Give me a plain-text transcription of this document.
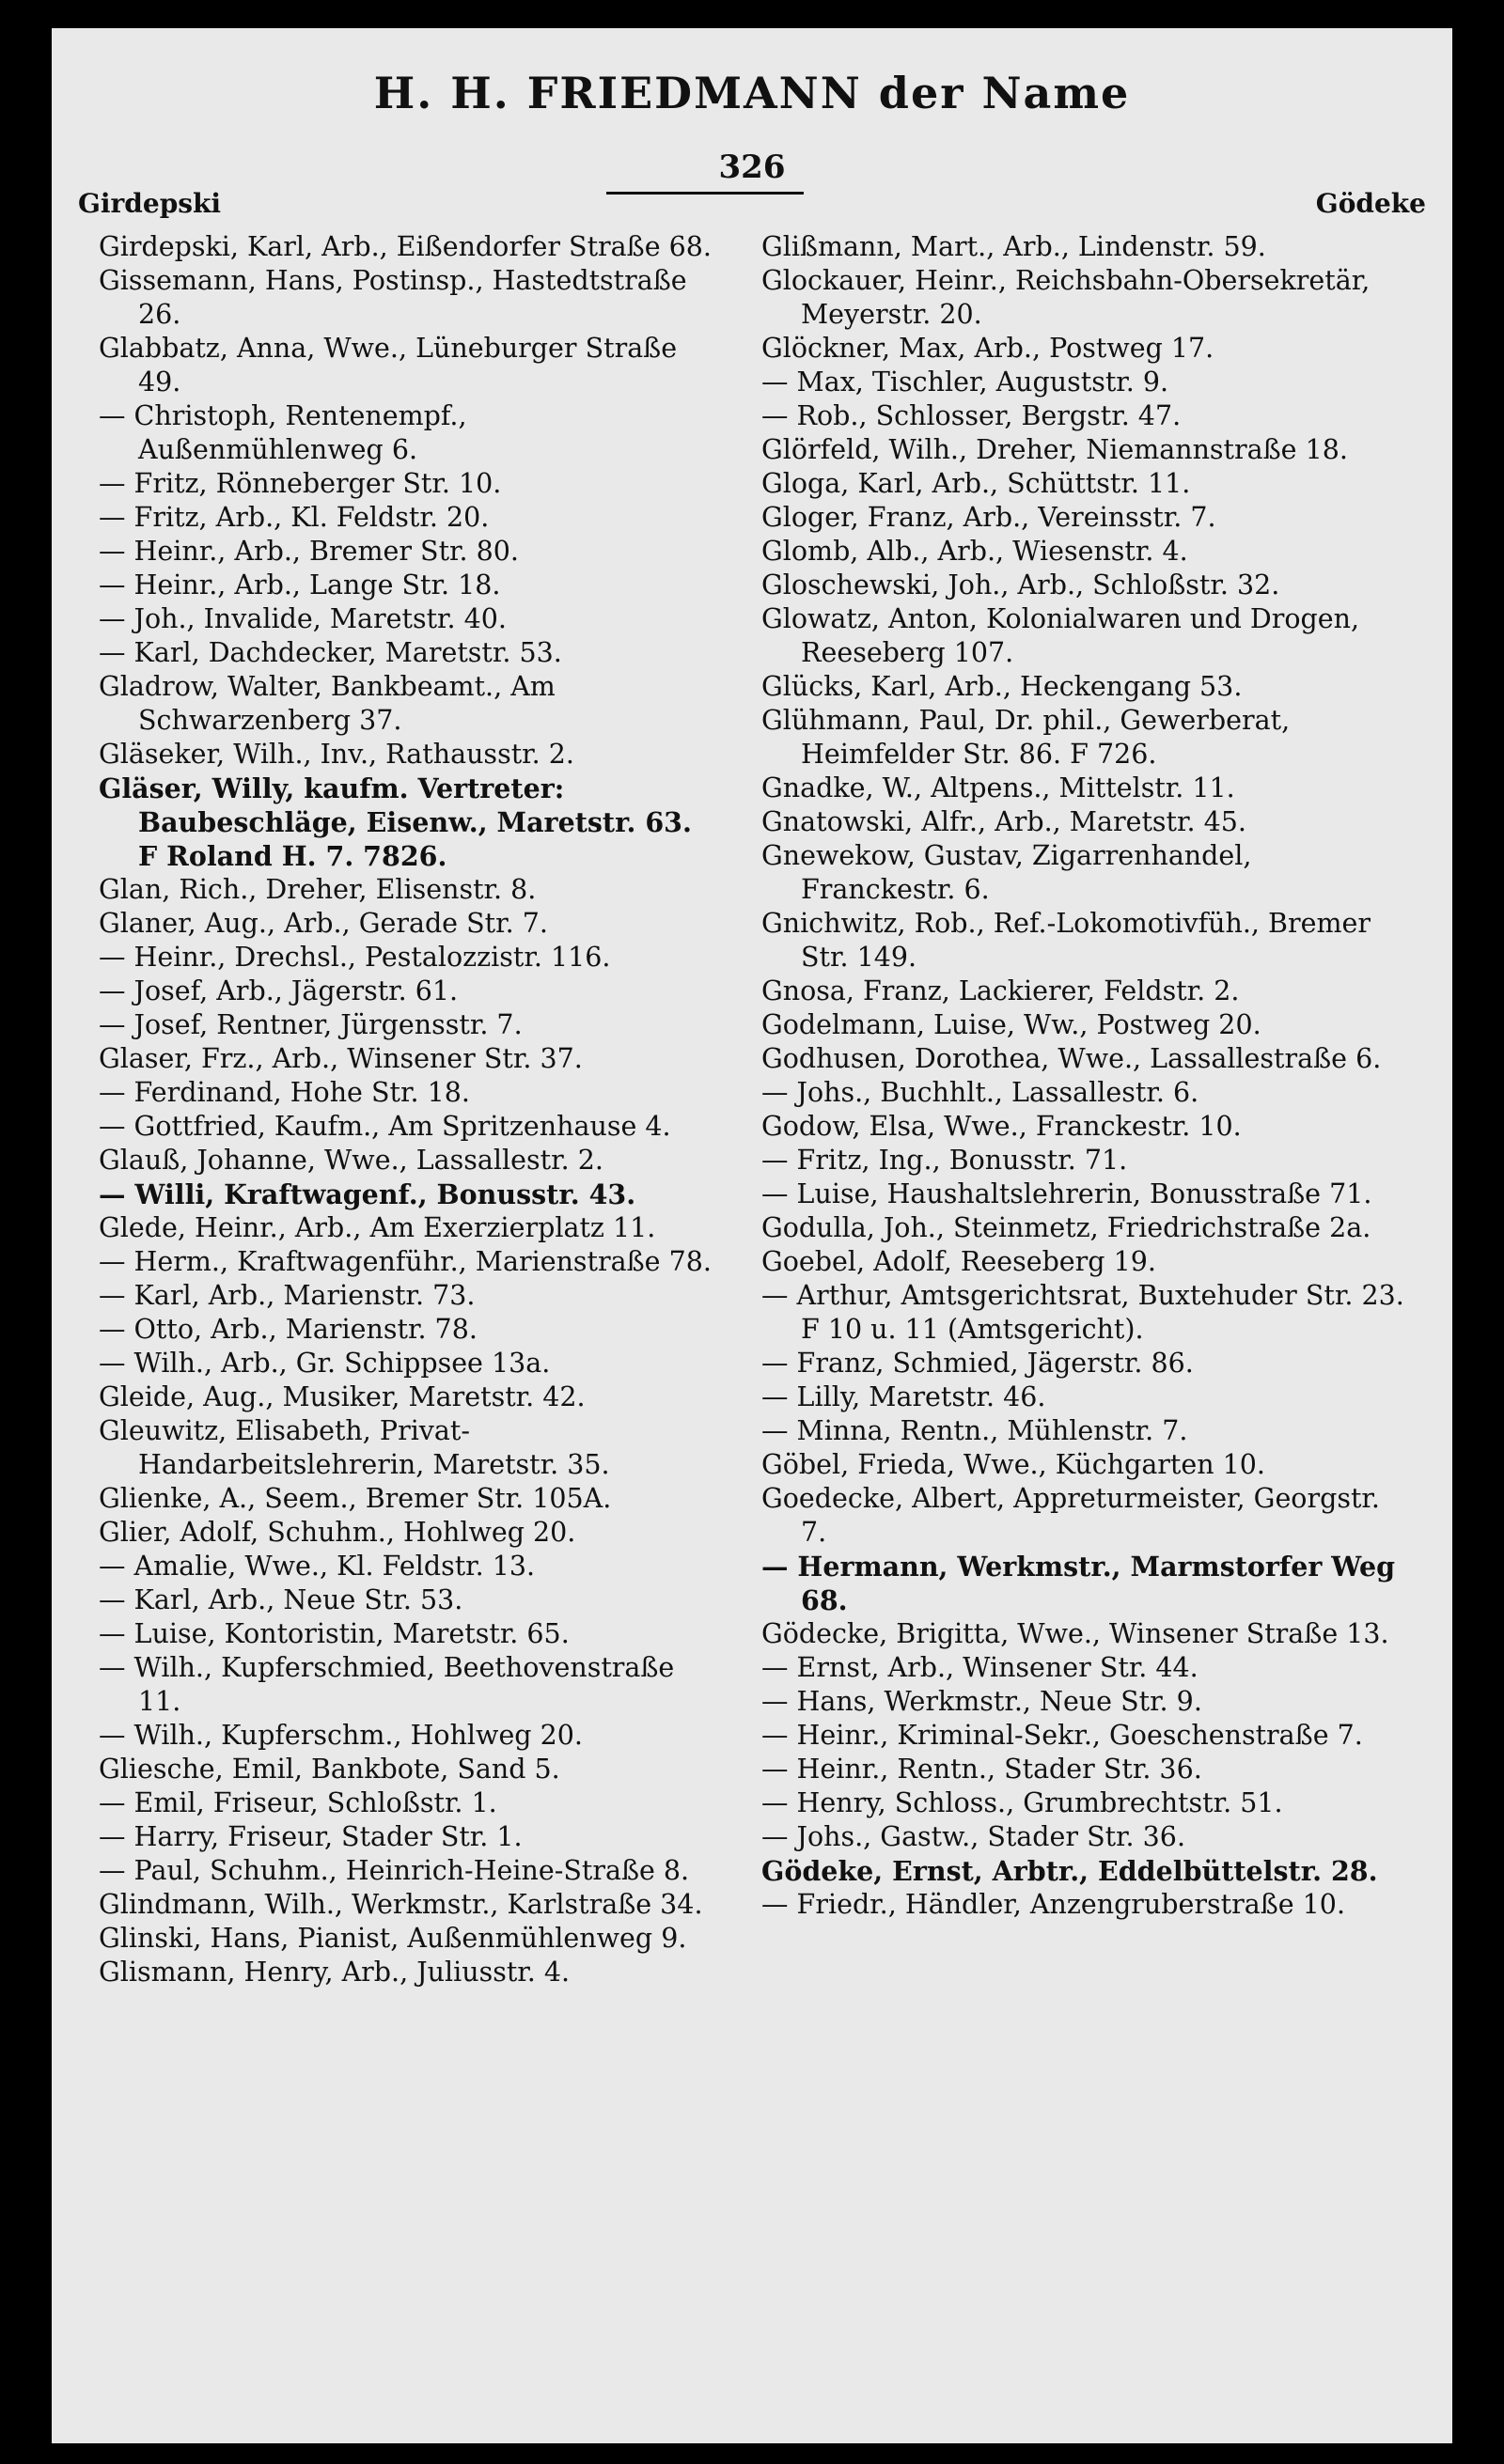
H. H. FRIEDMANN der Name
Girdepski
326
Gödeke
Girdepski, Karl, Arb., Eißendorfer Straße 68.
Gissemann, Hans, Postinsp., Hastedtstraße 26.
Glabbatz, Anna, Wwe., Lüneburger Straße 49.
— Christoph, Rentenempf., Außenmühlenweg 6.
— Fritz, Rönneberger Str. 10.
— Fritz, Arb., Kl. Feldstr. 20.
— Heinr., Arb., Bremer Str. 80.
— Heinr., Arb., Lange Str. 18.
— Joh., Invalide, Maretstr. 40.
— Karl, Dachdecker, Maretstr. 53.
Gladrow, Walter, Bankbeamt., Am Schwarzenberg 37.
Gläseker, Wilh., Inv., Rathausstr. 2.
Gläser, Willy, kaufm. Vertreter: Baubeschläge, Eisenw., Maretstr. 63. F Roland H. 7. 7826.
Glan, Rich., Dreher, Elisenstr. 8.
Glaner, Aug., Arb., Gerade Str. 7.
— Heinr., Drechsl., Pestalozzistr. 116.
— Josef, Arb., Jägerstr. 61.
— Josef, Rentner, Jürgensstr. 7.
Glaser, Frz., Arb., Winsener Str. 37.
— Ferdinand, Hohe Str. 18.
— Gottfried, Kaufm., Am Spritzenhause 4.
Glauß, Johanne, Wwe., Lassallestr. 2.
— Willi, Kraftwagenf., Bonusstr. 43.
Glede, Heinr., Arb., Am Exerzierplatz 11.
— Herm., Kraftwagenführ., Marienstraße 78.
— Karl, Arb., Marienstr. 73.
— Otto, Arb., Marienstr. 78.
— Wilh., Arb., Gr. Schippsee 13a.
Gleide, Aug., Musiker, Maretstr. 42.
Gleuwitz, Elisabeth, Privat-Handarbeitslehrerin, Maretstr. 35.
Glienke, A., Seem., Bremer Str. 105A.
Glier, Adolf, Schuhm., Hohlweg 20.
— Amalie, Wwe., Kl. Feldstr. 13.
— Karl, Arb., Neue Str. 53.
— Luise, Kontoristin, Maretstr. 65.
— Wilh., Kupferschmied, Beethovenstraße 11.
— Wilh., Kupferschm., Hohlweg 20.
Gliesche, Emil, Bankbote, Sand 5.
— Emil, Friseur, Schloßstr. 1.
— Harry, Friseur, Stader Str. 1.
— Paul, Schuhm., Heinrich-Heine-Straße 8.
Glindmann, Wilh., Werkmstr., Karlstraße 34.
Glinski, Hans, Pianist, Außenmühlenweg 9.
Glismann, Henry, Arb., Juliusstr. 4.
Glißmann, Mart., Arb., Lindenstr. 59.
Glockauer, Heinr., Reichsbahn-Obersekretär, Meyerstr. 20.
Glöckner, Max, Arb., Postweg 17.
— Max, Tischler, Auguststr. 9.
— Rob., Schlosser, Bergstr. 47.
Glörfeld, Wilh., Dreher, Niemannstraße 18.
Gloga, Karl, Arb., Schüttstr. 11.
Gloger, Franz, Arb., Vereinsstr. 7.
Glomb, Alb., Arb., Wiesenstr. 4.
Gloschewski, Joh., Arb., Schloßstr. 32.
Glowatz, Anton, Kolonialwaren und Drogen, Reeseberg 107.
Glücks, Karl, Arb., Heckengang 53.
Glühmann, Paul, Dr. phil., Gewerberat, Heimfelder Str. 86. F 726.
Gnadke, W., Altpens., Mittelstr. 11.
Gnatowski, Alfr., Arb., Maretstr. 45.
Gnewekow, Gustav, Zigarrenhandel, Franckestr. 6.
Gnichwitz, Rob., Ref.-Lokomotivfüh., Bremer Str. 149.
Gnosa, Franz, Lackierer, Feldstr. 2.
Godelmann, Luise, Ww., Postweg 20.
Godhusen, Dorothea, Wwe., Lassallestraße 6.
— Johs., Buchhlt., Lassallestr. 6.
Godow, Elsa, Wwe., Franckestr. 10.
— Fritz, Ing., Bonusstr. 71.
— Luise, Haushaltslehrerin, Bonusstraße 71.
Godulla, Joh., Steinmetz, Friedrichstraße 2a.
Goebel, Adolf, Reeseberg 19.
— Arthur, Amtsgerichtsrat, Buxtehuder Str. 23. F 10 u. 11 (Amtsgericht).
— Franz, Schmied, Jägerstr. 86.
— Lilly, Maretstr. 46.
— Minna, Rentn., Mühlenstr. 7.
Göbel, Frieda, Wwe., Küchgarten 10.
Goedecke, Albert, Appreturmeister, Georgstr. 7.
— Hermann, Werkmstr., Marmstorfer Weg 68.
Gödecke, Brigitta, Wwe., Winsener Straße 13.
— Ernst, Arb., Winsener Str. 44.
— Hans, Werkmstr., Neue Str. 9.
— Heinr., Kriminal-Sekr., Goeschenstraße 7.
— Heinr., Rentn., Stader Str. 36.
— Henry, Schloss., Grumbrechtstr. 51.
— Johs., Gastw., Stader Str. 36.
Gödeke, Ernst, Arbtr., Eddelbüttelstr. 28.
— Friedr., Händler, Anzengruberstraße 10.
